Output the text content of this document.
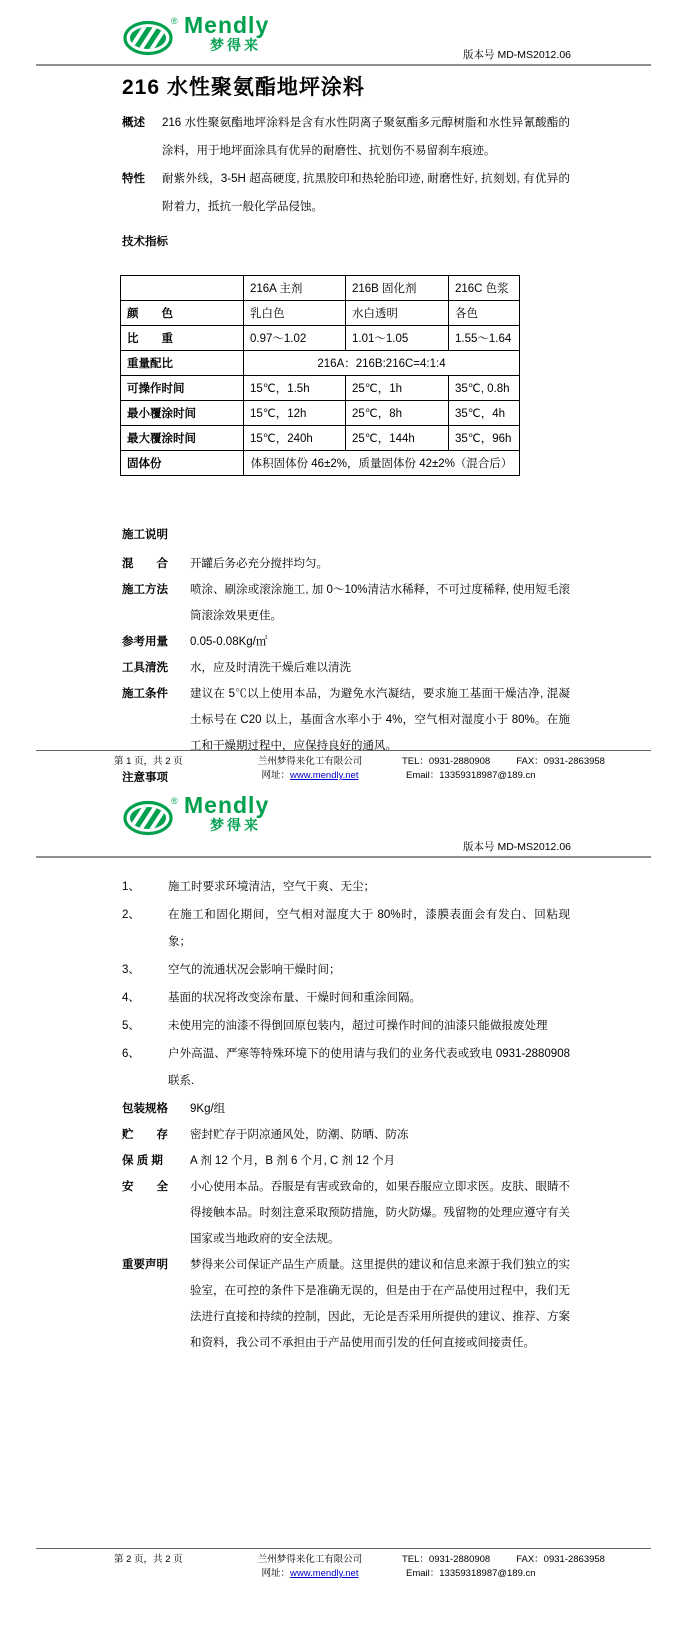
® Mendly
梦得来
版本号 MD-MS2012.06
216 水性聚氨酯地坪涂料
概述	216 水性聚氨酯地坪涂料是含有水性阴离子聚氨酯多元醇树脂和水性异氰酸酯的涂料，用于地坪面涂具有优异的耐磨性、抗划伤不易留刹车痕迹。
特性	耐紫外线，3-5H 超高硬度, 抗黑胶印和热轮胎印迹, 耐磨性好, 抗刻划, 有优异的附着力，抵抗一般化学品侵蚀。
技术指标
	216A 主剂	216B 固化剂	216C 色浆
颜　　色	乳白色	水白透明	各色
比　　重	0.97～1.02	1.01～1.05	1.55～1.64
重量配比	216A：216B:216C=4:1:4		
可操作时间	15℃，1.5h	25℃，1h	35℃, 0.8h
最小覆涂时间	15℃，12h	25℃，8h	35℃，4h
最大覆涂时间	15℃，240h	25℃，144h	35℃，96h
固体份	体积固体份 46±2%，质量固体份 42±2%（混合后）		
施工说明
混　　合	开罐后务必充分搅拌均匀。
施工方法	喷涂、刷涂或滚涂施工, 加 0～10%清洁水稀释，不可过度稀释, 使用短毛滚筒滚涂效果更佳。
参考用量	0.05-0.08Kg/㎡
工具清洗	水，应及时清洗干燥后难以清洗
施工条件	建议在 5℃以上使用本品，为避免水汽凝结，要求施工基面干燥洁净, 混凝土标号在 C20 以上，基面含水率小于 4%，空气相对湿度小于 80%。在施工和干燥期过程中，应保持良好的通风。
注意事项
第 1 页，共 2 页	兰州梦得来化工有限公司
网址：www.mendly.net
TEL：0931-2880908	FAX：0931-2863958
Email：13359318987@189.cn
® Mendly
梦得来
版本号 MD-MS2012.06
1、	施工时要求环境清洁，空气干爽、无尘；
2、	在施工和固化期间，空气相对湿度大于 80%时，漆膜表面会有发白、回粘现象；
3、	空气的流通状况会影响干燥时间；
4、	基面的状况将改变涂布量、干燥时间和重涂间隔。
5、	未使用完的油漆不得倒回原包装内，超过可操作时间的油漆只能做报废处理
6、	户外高温、严寒等特殊环境下的使用请与我们的业务代表或致电 0931-2880908 联系.
包装规格	9Kg/组
贮　　存	密封贮存于阴凉通风处，防潮、防晒、防冻
保 质 期	A 剂 12 个月，B 剂 6 个月, C 剂 12 个月
安　　全	小心使用本品。吞服是有害或致命的，如果吞服应立即求医。皮肤、眼睛不得接触本品。时刻注意采取预防措施，防火防爆。残留物的处理应遵守有关国家或当地政府的安全法规。
重要声明	梦得来公司保证产品生产质量。这里提供的建议和信息来源于我们独立的实验室，在可控的条件下是准确无误的，但是由于在产品使用过程中，我们无法进行直接和持续的控制，因此，无论是否采用所提供的建议、推荐、方案和资料，我公司不承担由于产品使用而引发的任何直接或间接责任。
第 2 页，共 2 页	兰州梦得来化工有限公司
网址：www.mendly.net
TEL：0931-2880908	FAX：0931-2863958
Email：13359318987@189.cn
